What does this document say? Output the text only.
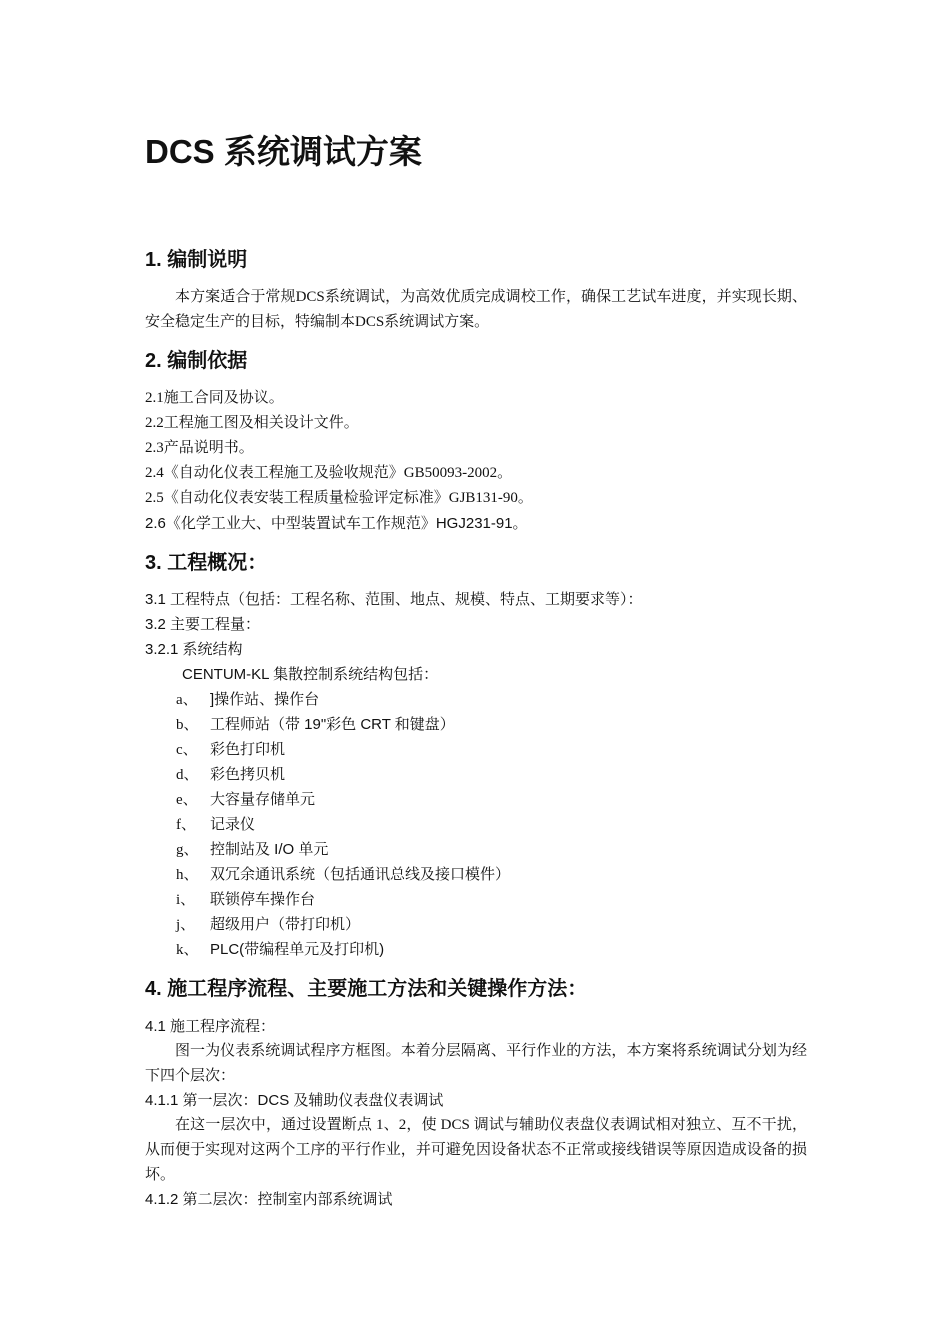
DCS 系统调试方案
1. 编制说明

本方案适合于常规DCS系统调试，为高效优质完成调校工作，确保工艺试车进度，并实现长期、安全稳定生产的目标，特编制本DCS系统调试方案。

2. 编制依据

2.1施工合同及协议。

2.2工程施工图及相关设计文件。

2.3产品说明书。

2.4《自动化仪表工程施工及验收规范》GB50093-2002。

2.5《自动化仪表安装工程质量检验评定标准》GJB131-90。

2.6《化学工业大、中型装置试车工作规范》HGJ231-91。

3. 工程概况：

3.1 工程特点（包括：工程名称、范围、地点、规模、特点、工期要求等）：

3.2 主要工程量：

3.2.1 系统结构

CENTUM-KL 集散控制系统结构包括：

a、 ]操作站、操作台

b、 工程师站（带 19"彩色 CRT 和键盘）

c、 彩色打印机

d、 彩色拷贝机

e、 大容量存储单元

f、 记录仪

g、 控制站及 I/O 单元

h、 双冗余通讯系统（包括通讯总线及接口模件）

i、 联锁停车操作台

j、 超级用户（带打印机）

k、 PLC(带编程单元及打印机)

4. 施工程序流程、主要施工方法和关键操作方法：

4.1 施工程序流程：

图一为仪表系统调试程序方框图。本着分层隔离、平行作业的方法，本方案将系统调试分划为经下四个层次：

4.1.1 第一层次：DCS 及辅助仪表盘仪表调试

在这一层次中，通过设置断点 1、2，使 DCS 调试与辅助仪表盘仪表调试相对独立、互不干扰，从而便于实现对这两个工序的平行作业，并可避免因设备状态不正常或接线错误等原因造成设备的损坏。

4.1.2 第二层次：控制室内部系统调试
